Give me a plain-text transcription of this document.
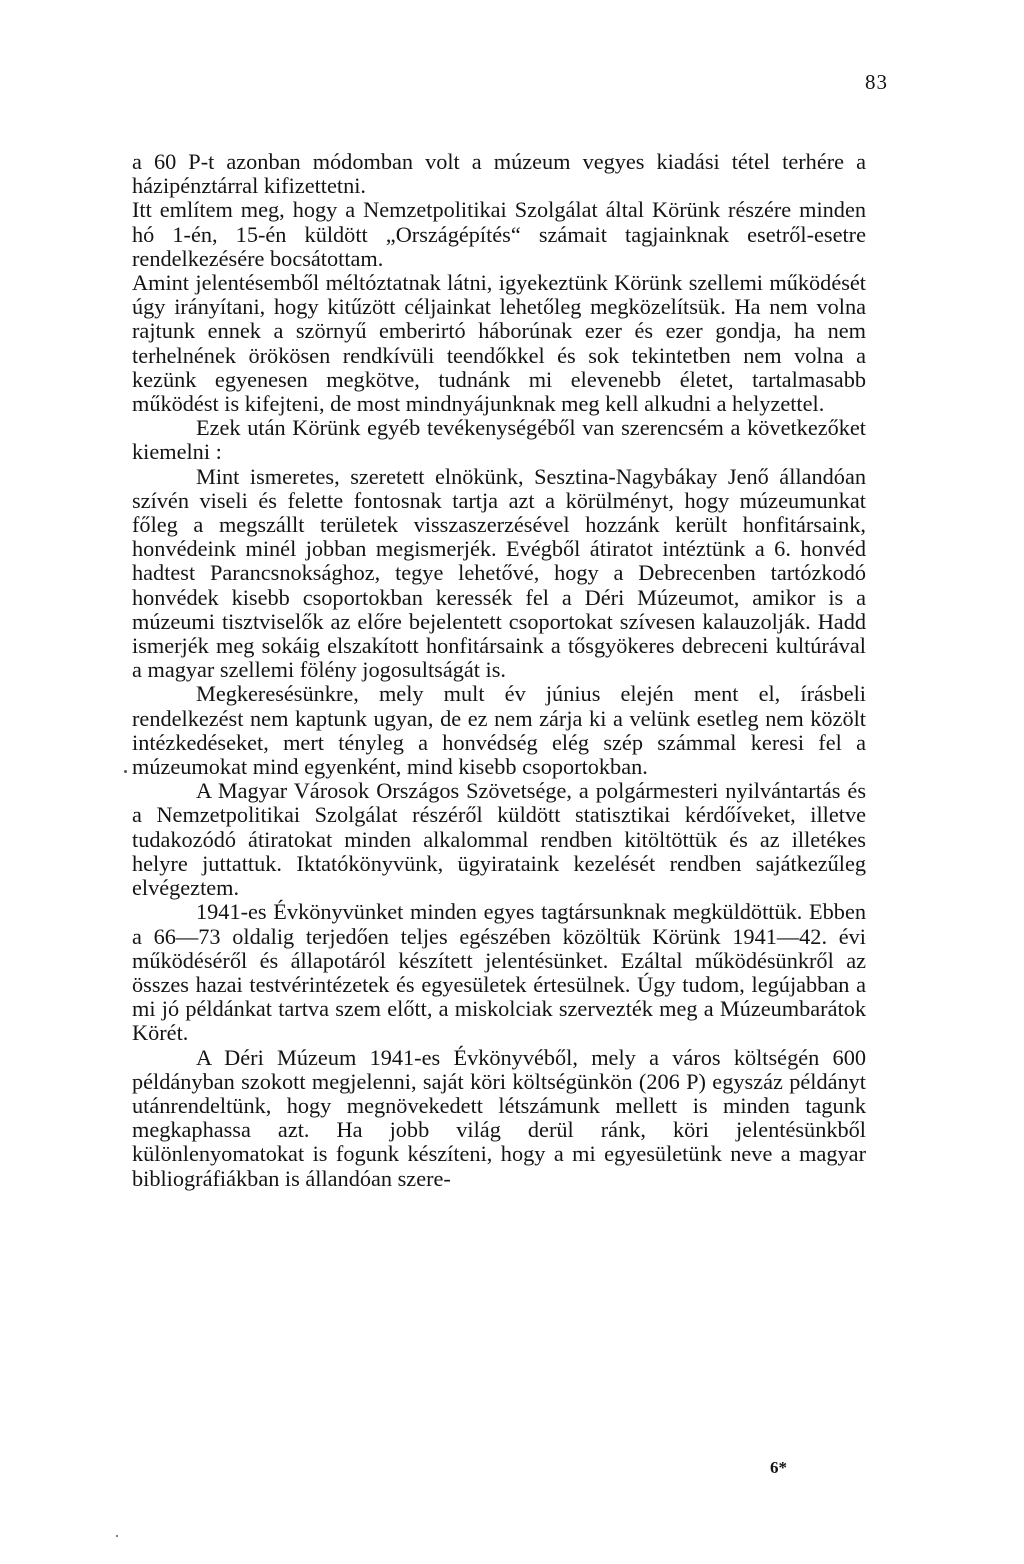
83

a 60 P-t azonban módomban volt a múzeum vegyes kiadási tétel terhére a házipénztárral kifizettetni.

Itt említem meg, hogy a Nemzetpolitikai Szolgálat által Körünk részére minden hó 1-én, 15-én küldött „Országépítés“ számait tagjainknak esetről-esetre rendelkezésére bocsátottam.

Amint jelentésemből méltóztatnak látni, igyekeztünk Körünk szellemi működését úgy irányítani, hogy kitűzött céljainkat lehetőleg megközelítsük. Ha nem volna rajtunk ennek a szörnyű emberirtó háborúnak ezer és ezer gondja, ha nem terhelnének örökösen rendkívüli teendőkkel és sok tekintetben nem volna a kezünk egyenesen megkötve, tudnánk mi elevenebb életet, tartalmasabb működést is kifejteni, de most mindnyájunknak meg kell alkudni a helyzettel.

Ezek után Körünk egyéb tevékenységéből van szerencsém a következőket kiemelni :

Mint ismeretes, szeretett elnökünk, Sesztina-Nagybákay Jenő állandóan szívén viseli és felette fontosnak tartja azt a körülményt, hogy múzeumunkat főleg a megszállt területek visszaszerzésével hozzánk került honfitársaink, honvédeink minél jobban megismerjék. Evégből átiratot intéztünk a 6. honvéd hadtest Parancsnoksághoz, tegye lehetővé, hogy a Debrecenben tartózkodó honvédek kisebb csoportokban keressék fel a Déri Múzeumot, amikor is a múzeumi tisztviselők az előre bejelentett csoportokat szívesen kalauzolják. Hadd ismerjék meg sokáig elszakított honfitársaink a tősgyökeres debreceni kultúrával a magyar szellemi fölény jogosultságát is.

Megkeresésünkre, mely mult év június elején ment el, írásbeli rendelkezést nem kaptunk ugyan, de ez nem zárja ki a velünk esetleg nem közölt intézkedéseket, mert tényleg a honvédség elég szép számmal keresi fel a múzeumokat mind egyenként, mind kisebb csoportokban.

A Magyar Városok Országos Szövetsége, a polgármesteri nyilvántartás és a Nemzetpolitikai Szolgálat részéről küldött statisztikai kérdőíveket, illetve tudakozódó átiratokat minden alkalommal rendben kitöltöttük és az illetékes helyre juttattuk. Iktatókönyvünk, ügyirataink kezelését rendben sajátkezűleg elvégeztem.

1941-es Évkönyvünket minden egyes tagtársunknak megküldöttük. Ebben a 66—73 oldalig terjedően teljes egészében közöltük Körünk 1941—42. évi működéséről és állapotáról készített jelentésünket. Ezáltal működésünkről az összes hazai testvérintézetek és egyesületek értesülnek. Úgy tudom, legújabban a mi jó példánkat tartva szem előtt, a miskolciak szervezték meg a Múzeumbarátok Körét.

A Déri Múzeum 1941-es Évkönyvéből, mely a város költségén 600 példányban szokott megjelenni, saját köri költségünkön (206 P) egyszáz példányt utánrendeltünk, hogy megnövekedett létszámunk mellett is minden tagunk megkaphassa azt. Ha jobb világ derül ránk, köri jelentésünkből különlenyomatokat is fogunk készíteni, hogy a mi egyesületünk neve a magyar bibliográfiákban is állandóan szere-

6*
